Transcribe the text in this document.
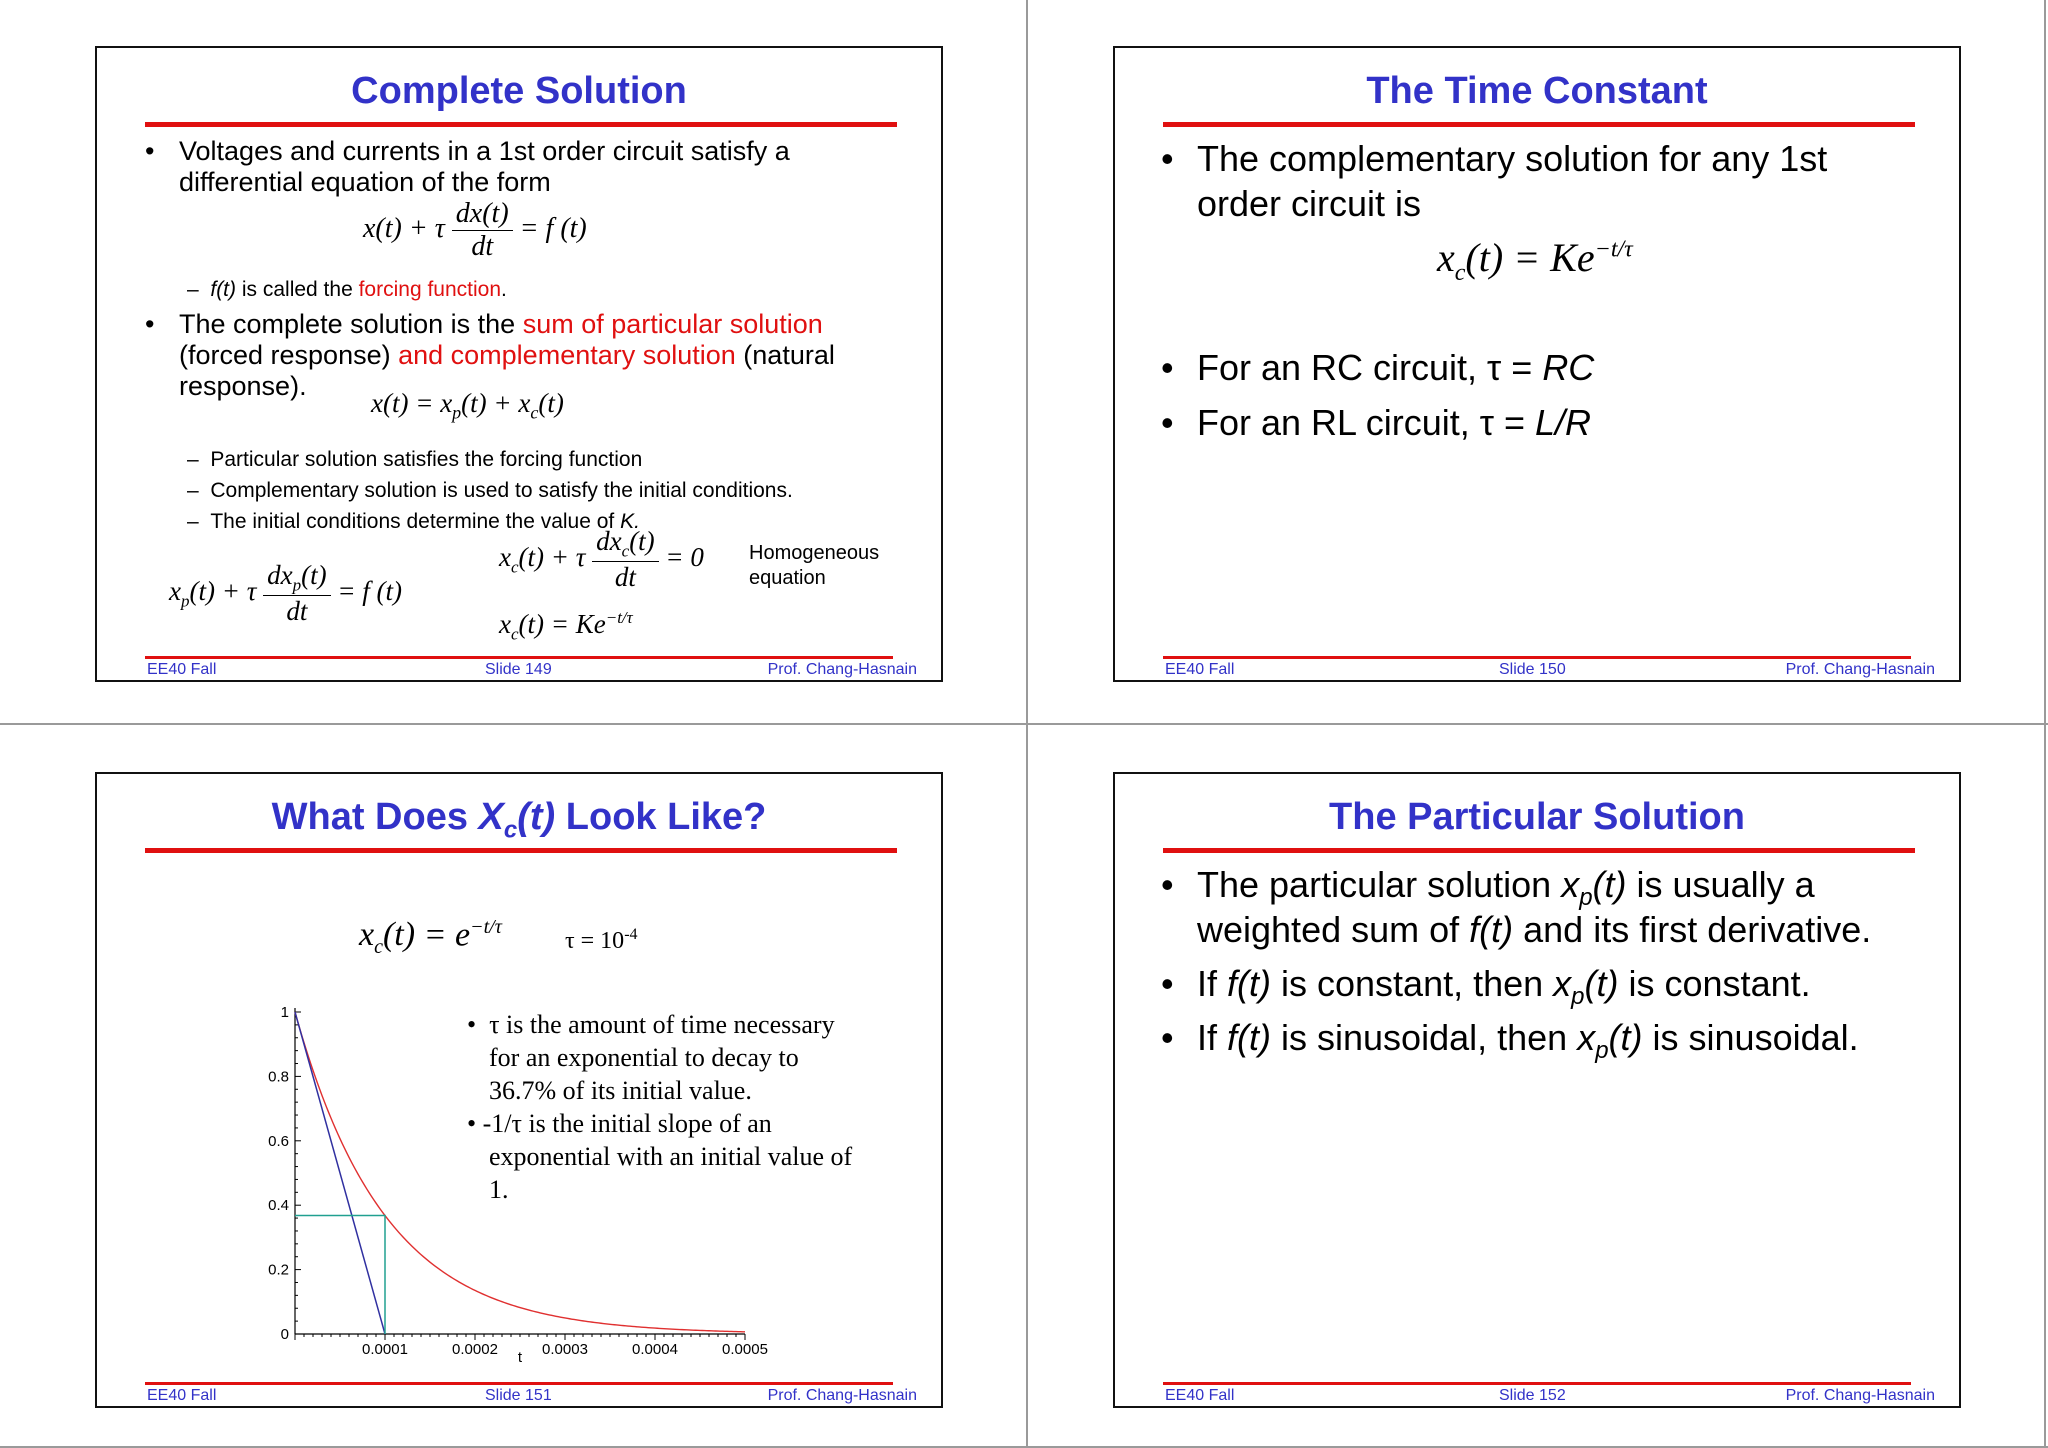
Complete Solution
• Voltages and currents in a 1st order circuit satisfy a
differential equation of the form
x(t) + τ $\frac{dx(t)}{dt} = f$ (t)
–  f(t) is called the forcing function.
• The complete solution is the sum of particular solution
(forced response) and complementary solution (natural
response).
$x(t) = x_p(t) + x_c(t)$
–  Particular solution satisfies the forcing function
–  Complementary solution is used to satisfy the initial conditions.
–  The initial conditions determine the value of K.
$x_p(t) + \tau \frac{dx_p(t)}{dt} = f$ (t)
$x_c(t) + \tau \frac{dx_c(t)}{dt} = 0$
$x_c(t) = Ke^{-t/\tau}$
Homogeneous
equation
EE40 Fall	Slide 149	Prof. Chang-Hasnain
The Time Constant
• The complementary solution for any 1st
order circuit is
$x_c(t) = Ke^{-t/\tau}$
• For an RC circuit, τ = RC
• For an RL circuit, τ = L/R
EE40 Fall	Slide 150	Prof. Chang-Hasnain
What Does $X_c(t)$ Look Like?
0.0001	0.0002	0.0003	0.0004	0.0005
0
0.2
0.4
0.6
0.8
1
t
$x_c(t) = e^{-t/\tau}$
$\tau = 10^{-4}$
•  τ is the amount of time necessary
for an exponential to decay to
36.7% of its initial value.
• -1/τ is the initial slope of an
exponential with an initial value of
1.
EE40 Fall	Slide 151	Prof. Chang-Hasnain
The Particular Solution
• The particular solution $x_p(t)$ is usually a
weighted sum of f(t) and its first derivative.
• If f(t) is constant, then $x_p(t)$ is constant.
• If f(t) is sinusoidal, then $x_p(t)$ is sinusoidal.
EE40 Fall	Slide 152	Prof. Chang-Hasnain
